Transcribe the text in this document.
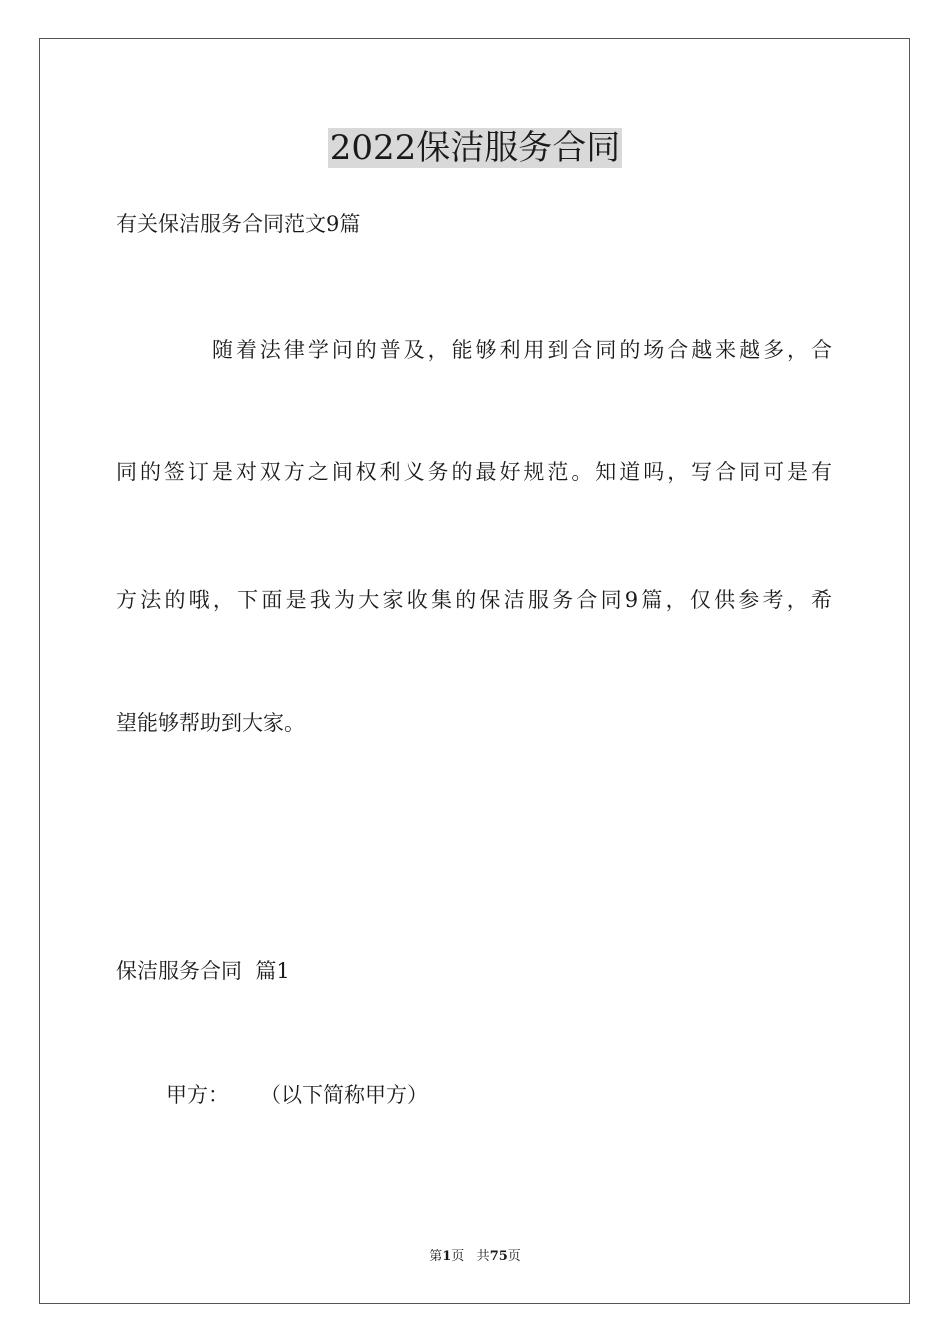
2022保洁服务合同
有关保洁服务合同范文9篇
随着法律学问的普及，能够利用到合同的场合越来越多，合
同的签订是对双方之间权利义务的最好规范。知道吗，写合同可是有
方法的哦，下面是我为大家收集的保洁服务合同9篇，仅供参考，希
望能够帮助到大家。
保洁服务合同  篇1
甲方： （以下简称甲方）
第1页 共75页
